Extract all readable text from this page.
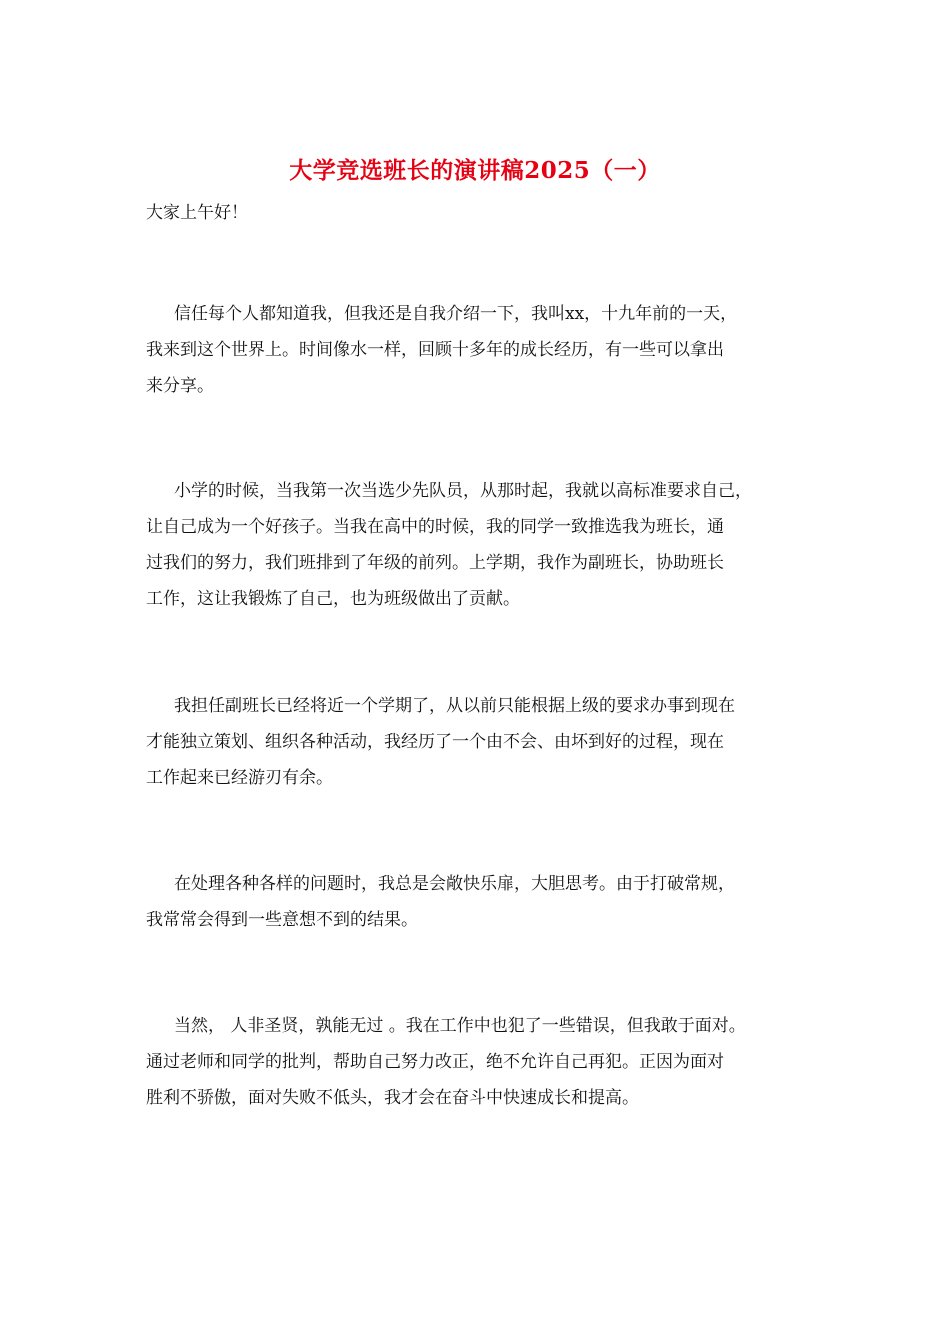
大学竞选班长的演讲稿2025（一）

大家上午好！

信任每个人都知道我，但我还是自我介绍一下，我叫xx，十九年前的一天，
我来到这个世界上。时间像水一样，回顾十多年的成长经历，有一些可以拿出
来分享。

小学的时候，当我第一次当选少先队员，从那时起，我就以高标准要求自己，
让自己成为一个好孩子。当我在高中的时候，我的同学一致推选我为班长，通
过我们的努力，我们班排到了年级的前列。上学期，我作为副班长，协助班长
工作，这让我锻炼了自己，也为班级做出了贡献。

我担任副班长已经将近一个学期了，从以前只能根据上级的要求办事到现在
才能独立策划、组织各种活动，我经历了一个由不会、由坏到好的过程，现在
工作起来已经游刃有余。

在处理各种各样的问题时，我总是会敞快乐扉，大胆思考。由于打破常规，
我常常会得到一些意想不到的结果。

当然， 人非圣贤，孰能无过 。我在工作中也犯了一些错误，但我敢于面对。
通过老师和同学的批判，帮助自己努力改正，绝不允许自己再犯。正因为面对
胜利不骄傲，面对失败不低头，我才会在奋斗中快速成长和提高。
